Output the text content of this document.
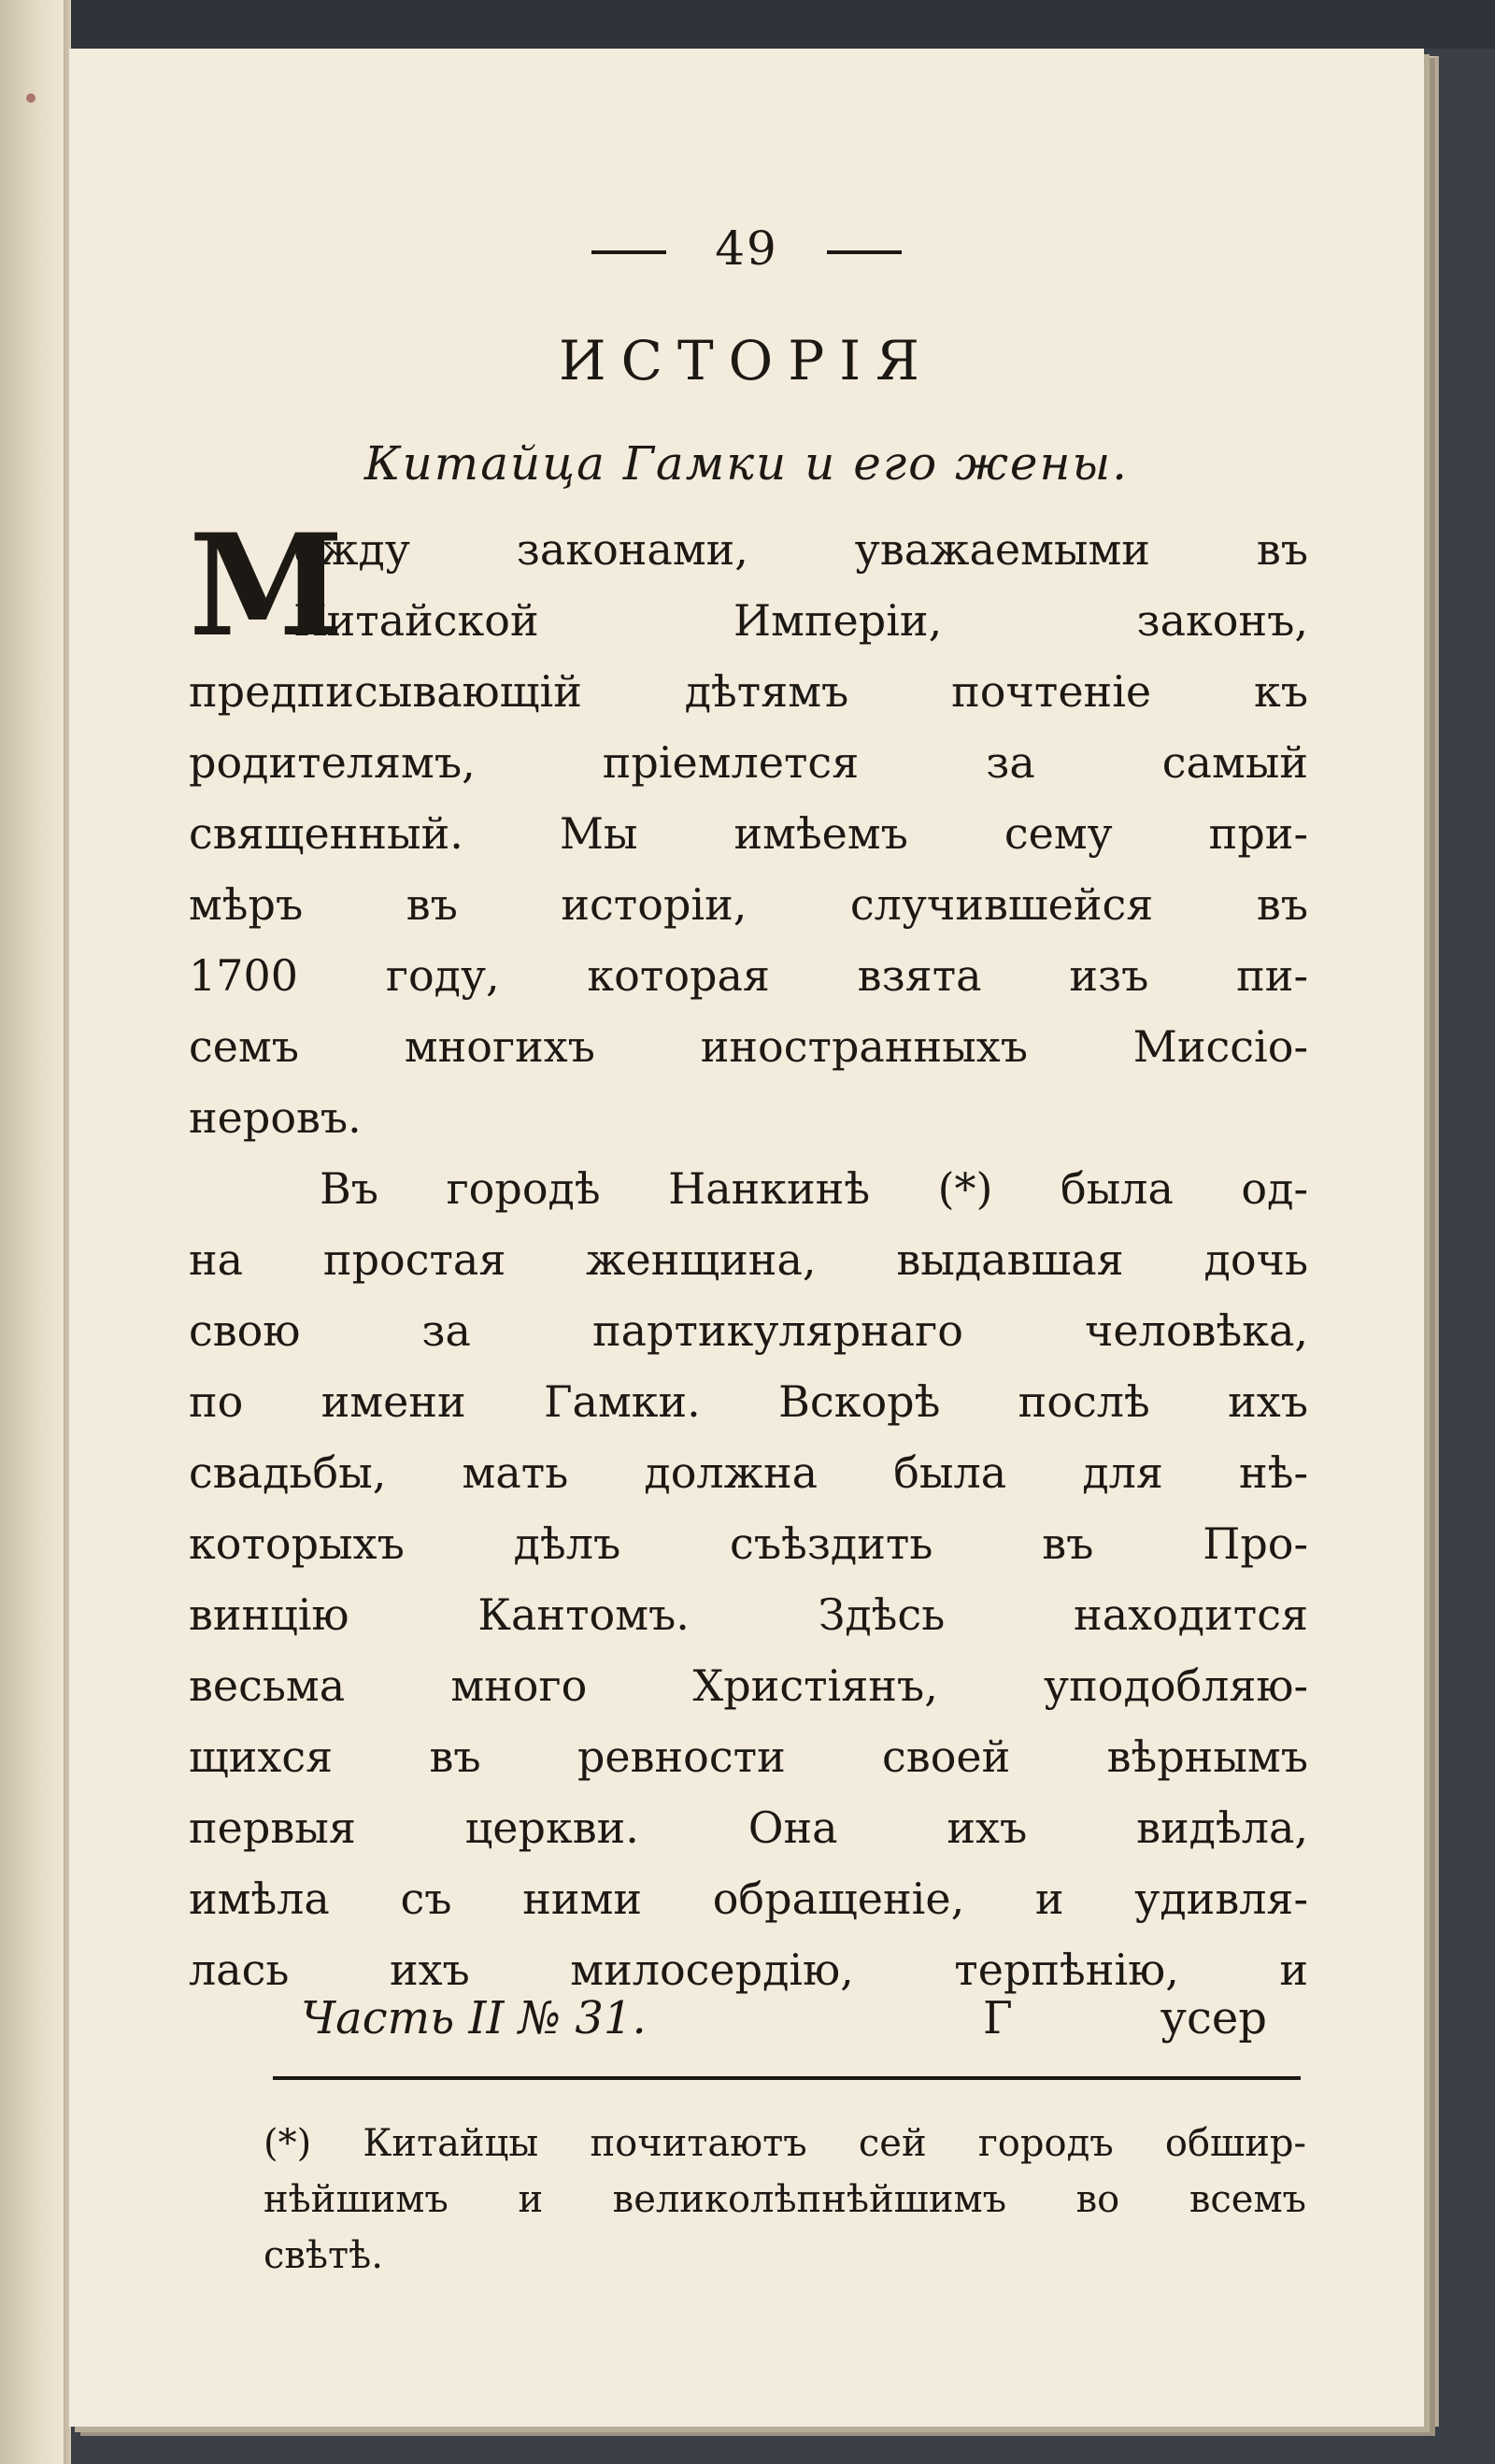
49
ИСТОРІЯ
Китайца Гамки и его жены.
М
ежду законами, уважаемыми въ
Китайской Имперіи, законъ,
предписывающій дѣтямъ почтеніе къ
родителямъ, пріемлется за самый
священный. Мы имѣемъ сему при-
мѣръ въ исторіи, случившейся въ
1700 году, которая взята изъ пи-
семъ многихъ иностранныхъ Миссіо-
неровъ.
Въ городѣ Нанкинѣ (*) была од-
на простая женщина, выдавшая дочь
свою за партикулярнаго человѣка,
по имени Гамки. Вскорѣ послѣ ихъ
свадьбы, мать должна была для нѣ-
которыхъ дѣлъ съѣздить въ Про-
винцію Кантомъ. Здѣсь находится
весьма много Христіянъ, уподобляю-
щихся въ ревности своей вѣрнымъ
первыя церкви. Она ихъ видѣла,
имѣла съ ними обращеніе, и удивля-
лась ихъ милосердію, терпѣнію, и
Часть II № 31.	Г	усер
(*) Китайцы почитаютъ сей городъ обшир-
нѣйшимъ и великолѣпнѣйшимъ во всемъ
свѣтѣ.
